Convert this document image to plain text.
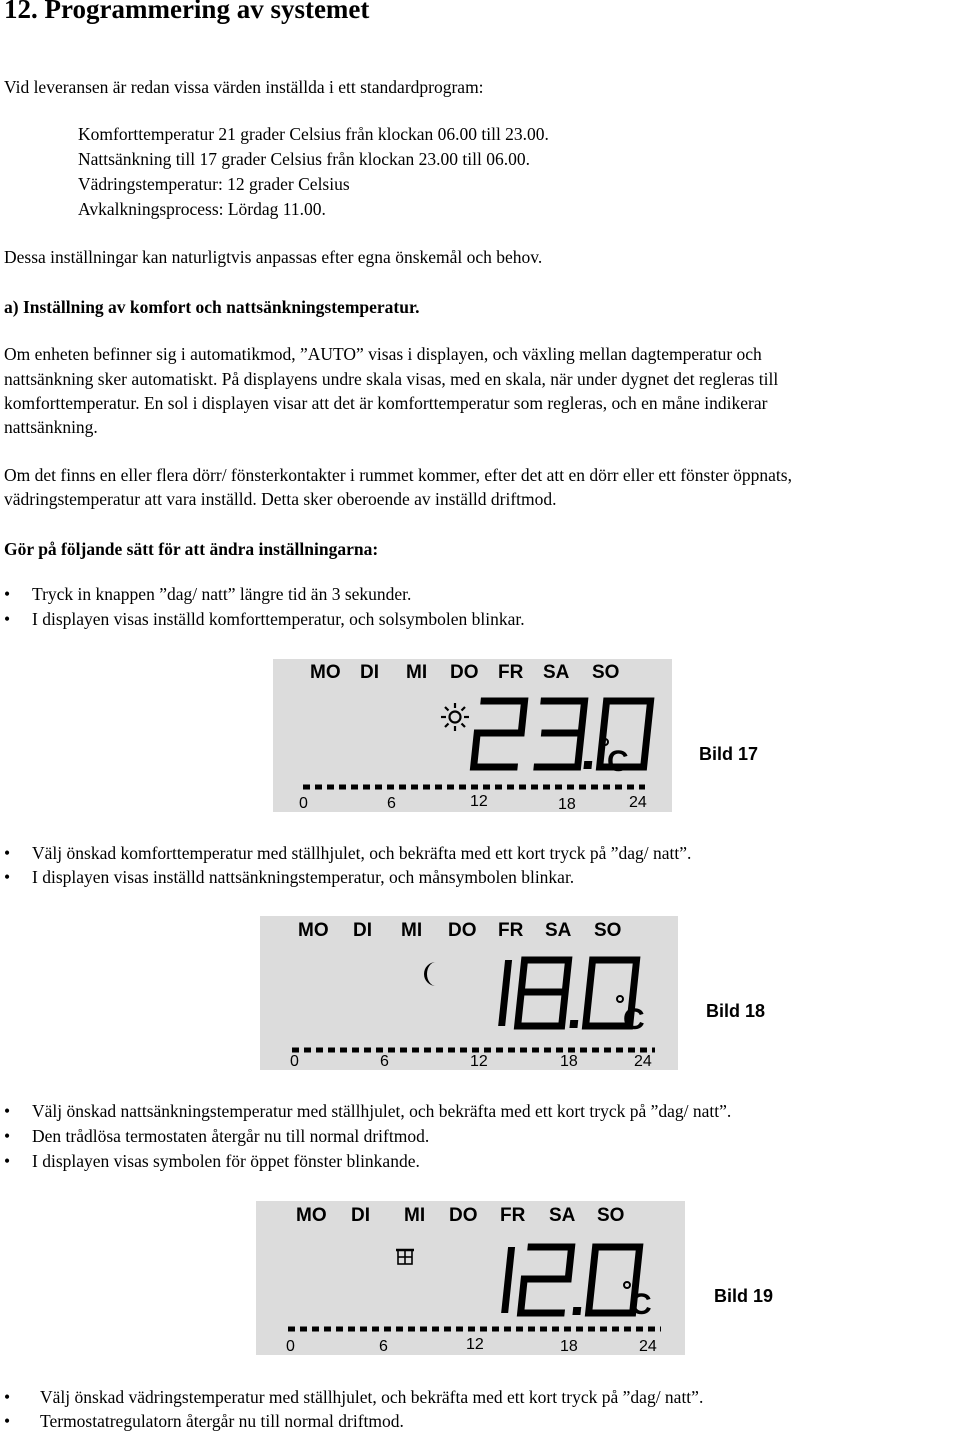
12. Programmering av systemet
Vid leveransen är redan vissa värden inställda i ett standardprogram:
Komforttemperatur 21 grader Celsius från klockan 06.00 till 23.00.
Nattsänkning till 17 grader Celsius från klockan 23.00 till 06.00.
Vädringstemperatur: 12 grader Celsius
Avkalkningsprocess: Lördag 11.00.
Dessa inställningar kan naturligtvis anpassas efter egna önskemål och behov.
a) Inställning av komfort och nattsänkningstemperatur.
Om enheten befinner sig i automatikmod, ”AUTO” visas i displayen, och växling mellan dagtemperatur och
nattsänkning sker automatiskt. På displayens undre skala visas, med en skala, när under dygnet det regleras till
komforttemperatur. En sol i displayen visar att det är komforttemperatur som regleras, och en måne indikerar
nattsänkning.
Om det finns en eller flera dörr/ fönsterkontakter i rummet kommer, efter det att en dörr eller ett fönster öppnats,
vädringstemperatur att vara inställd. Detta sker oberoende av inställd driftmod.
Gör på följande sätt för att ändra inställningarna:
• Tryck in knappen ”dag/ natt” längre tid än 3 sekunder.
• I displayen visas inställd komforttemperatur, och solsymbolen blinkar.
MO DI MI DO FR SA SO
C
0	6	12	18	24
Bild 17
• Välj önskad komforttemperatur med ställhjulet, och bekräfta med ett kort tryck på ”dag/ natt”.
• I displayen visas inställd nattsänkningstemperatur, och månsymbolen blinkar.
MO DI MI DO FR SA SO
C
0	6	12	18	24
Bild 18
• Välj önskad nattsänkningstemperatur med ställhjulet, och bekräfta med ett kort tryck på ”dag/ natt”.
• Den trådlösa termostaten återgår nu till normal driftmod.
• I displayen visas symbolen för öppet fönster blinkande.
MO DI MI DO FR SA SO
C
0	6	12	18	24
Bild 19
• Välj önskad vädringstemperatur med ställhjulet, och bekräfta med ett kort tryck på ”dag/ natt”.
• Termostatregulatorn återgår nu till normal driftmod.
